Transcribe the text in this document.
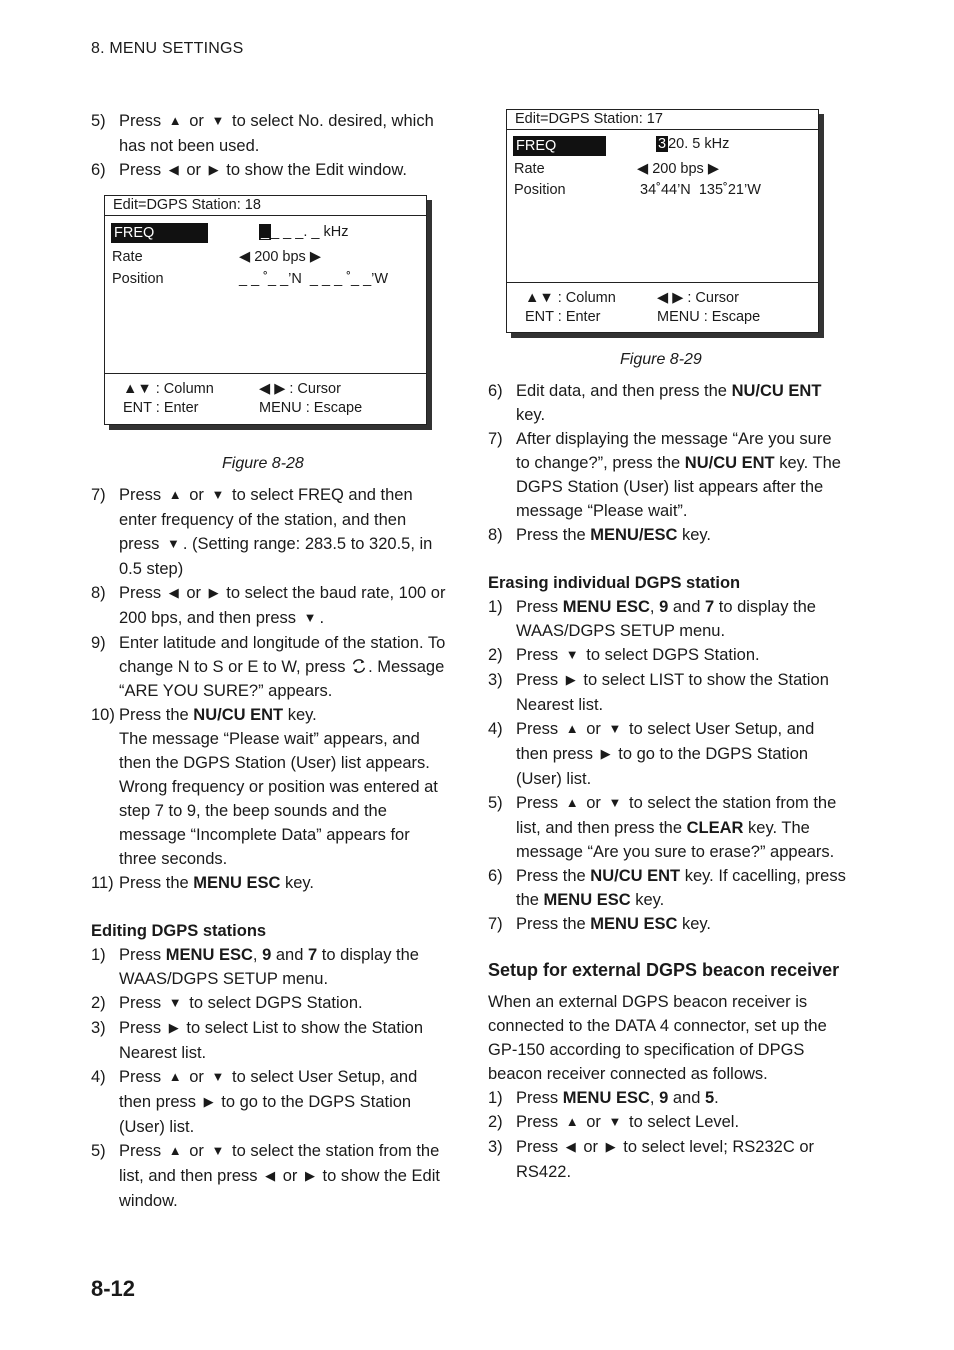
8. MENU SETTINGS
5) Press ▲ or ▼ to select No. desired, which has not been used.
6) Press ◀ or ▶ to show the Edit window.
Edit=DGPS Station: 18
FREQ	_ _ _ _. _ kHz
Rate	◀ 200 bps ▶
Position	_ _ ˚_ _’N  _ _ _ ˚_ _’W
▲▼ : Column	◀ ▶ : Cursor
ENT : Enter	MENU : Escape
Figure 8-28
7) Press ▲ or ▼ to select FREQ and then enter frequency of the station, and then press ▼ . (Setting range: 283.5 to 320.5, in 0.5 step)
8) Press ◀ or ▶ to select the baud rate, 100 or 200 bps, and then press ▼ .
9) Enter latitude and longitude of the station. To change N to S or E to W, press . Message “ARE YOU SURE?” appears.
10) Press the NU/CU ENT key.
The message “Please wait” appears, and then the DGPS Station (User) list appears.
Wrong frequency or position was entered at step 7 to 9, the beep sounds and the message “Incomplete Data” appears for three seconds.
11) Press the MENU ESC key.
Editing DGPS stations
1) Press MENU ESC, 9 and 7 to display the WAAS/DGPS SETUP menu.
2) Press ▼ to select DGPS Station.
3) Press ▶ to select List to show the Station Nearest list.
4) Press ▲ or ▼ to select User Setup, and then press ▶ to go to the DGPS Station (User) list.
5) Press ▲ or ▼ to select the station from the list, and then press ◀ or ▶ to show the Edit window.
Edit=DGPS Station: 17
FREQ	3 20. 5 kHz
Rate	◀ 200 bps ▶
Position	34˚44’N  135˚21’W
▲▼ : Column	◀ ▶ : Cursor
ENT : Enter	MENU : Escape
Figure 8-29
6) Edit data, and then press the NU/CU ENT key.
7) After displaying the message “Are you sure to change?”, press the NU/CU ENT key. The DGPS Station (User) list appears after the message “Please wait”.
8) Press the MENU/ESC key.
Erasing individual DGPS station
1) Press MENU ESC, 9 and 7 to display the WAAS/DGPS SETUP menu.
2) Press ▼ to select DGPS Station.
3) Press ▶ to select LIST to show the Station Nearest list.
4) Press ▲ or ▼ to select User Setup, and then press ▶ to go to the DGPS Station (User) list.
5) Press ▲ or ▼ to select the station from the list, and then press the CLEAR key. The message “Are you sure to erase?” appears.
6) Press the NU/CU ENT key. If cacelling, press the MENU ESC key.
7) Press the MENU ESC key.
Setup for external DGPS beacon receiver
When an external DGPS beacon receiver is connected to the DATA 4 connector, set up the GP-150 according to specification of DPGS beacon receiver connected as follows.
1) Press MENU ESC, 9 and 5.
2) Press ▲ or ▼ to select Level.
3) Press ◀ or ▶ to select level; RS232C or RS422.
8-12
